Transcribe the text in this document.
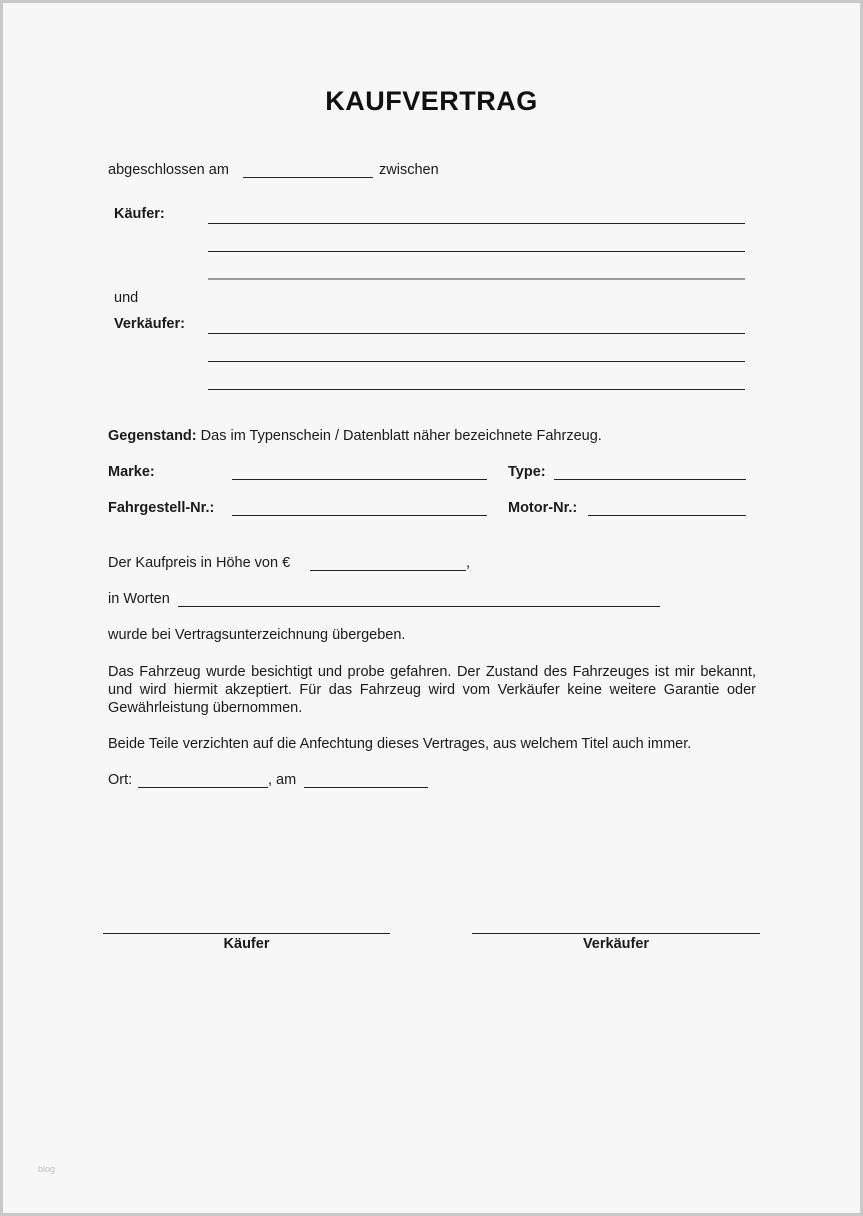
KAUFVERTRAG
abgeschlossen am	zwischen
Käufer:
und
Verkäufer:
Gegenstand: Das im Typenschein / Datenblatt näher bezeichnete Fahrzeug.
Marke:	Type:
Fahrgestell-Nr.:	Motor-Nr.:
Der Kaufpreis in Höhe von €	,
in Worten
wurde bei Vertragsunterzeichnung übergeben.
Das Fahrzeug wurde besichtigt und probe gefahren. Der Zustand des Fahrzeuges ist mir bekannt, und wird hiermit akzeptiert. Für das Fahrzeug wird vom Verkäufer keine weitere Garantie oder Gewährleistung übernommen.
Beide Teile verzichten auf die Anfechtung dieses Vertrages, aus welchem Titel auch immer.
Ort:	, am
Käufer	Verkäufer
blog
